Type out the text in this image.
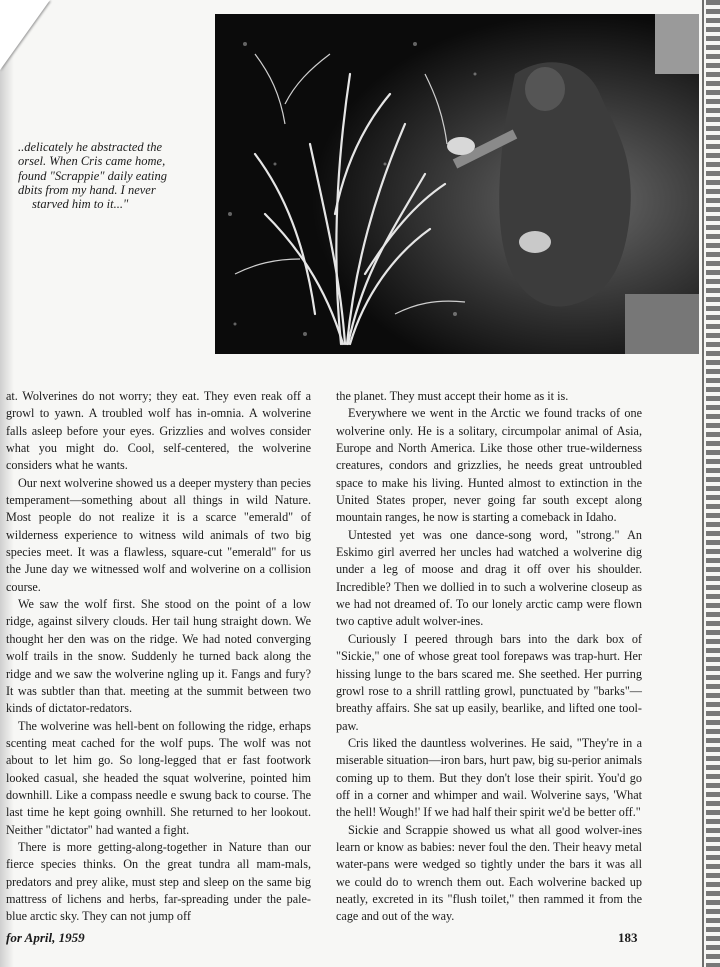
..delicately he abstracted the
orsel. When Cris came home,
found "Scrappie" daily eating
dbits from my hand. I never
starved him to it..."

at. Wolverines do not worry; they eat. They even reak off a growl to yawn. A troubled wolf has in-omnia. A wolverine falls asleep before your eyes. Grizzlies and wolves consider what you might do. Cool, self-centered, the wolverine considers what he wants.

Our next wolverine showed us a deeper mystery than pecies temperament—something about all things in wild Nature. Most people do not realize it is a scarce "emerald" of wilderness experience to witness wild animals of two big species meet. It was a flawless, square-cut "emerald" for us the June day we witnessed wolf and wolverine on a collision course.

We saw the wolf first. She stood on the point of a low ridge, against silvery clouds. Her tail hung straight down. We thought her den was on the ridge. We had noted converging wolf trails in the snow. Suddenly he turned back along the ridge and we saw the wolverine ngling up it. Fangs and fury? It was subtler than that. meeting at the summit between two kinds of dictator-redators.

The wolverine was hell-bent on following the ridge, erhaps scenting meat cached for the wolf pups. The wolf was not about to let him go. So long-legged that er fast footwork looked casual, she headed the squat wolverine, pointed him downhill. Like a compass needle e swung back to course. The last time he kept going ownhill. She returned to her lookout. Neither "dictator" had wanted a fight.

There is more getting-along-together in Nature than our fierce species thinks. On the great tundra all mam-mals, predators and prey alike, must step and sleep on the same big mattress of lichens and herbs, far-spreading under the pale-blue arctic sky. They can not jump off

the planet. They must accept their home as it is.

Everywhere we went in the Arctic we found tracks of one wolverine only. He is a solitary, circumpolar animal of Asia, Europe and North America. Like those other true-wilderness creatures, condors and grizzlies, he needs great untroubled space to make his living. Hunted almost to extinction in the United States proper, never going far south except along mountain ranges, he now is starting a comeback in Idaho.

Untested yet was one dance-song word, "strong." An Eskimo girl averred her uncles had watched a wolverine dig under a leg of moose and drag it off over his shoulder. Incredible? Then we dollied in to such a wolverine closeup as we had not dreamed of. To our lonely arctic camp were flown two captive adult wolver-ines.

Curiously I peered through bars into the dark box of "Sickie," one of whose great tool forepaws was trap-hurt. Her hissing lunge to the bars scared me. She seethed. Her purring growl rose to a shrill rattling growl, punctuated by "barks"—breathy affairs. She sat up easily, bearlike, and lifted one tool-paw.

Cris liked the dauntless wolverines. He said, "They're in a miserable situation—iron bars, hurt paw, big su-perior animals coming up to them. But they don't lose their spirit. You'd go off in a corner and whimper and wail. Wolverine says, 'What the hell! Wough!' If we had half their spirit we'd be better off."

Sickie and Scrappie showed us what all good wolver-ines learn or know as babies: never foul the den. Their heavy metal water-pans were wedged so tightly under the bars it was all we could do to wrench them out. Each wolverine backed up neatly, excreted in its "flush toilet," then rammed it from the cage and out of the way.

for April, 1959	183
